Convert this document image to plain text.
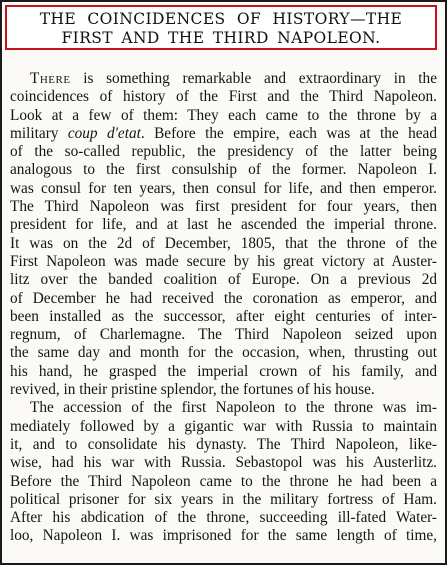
THE COINCIDENCES OF HISTORY—THE
FIRST AND THE THIRD NAPOLEON.
There is something remarkable and extraordinary in the
coincidences of history of the First and the Third Napoleon.
Look at a few of them: They each came to the throne by a
military coup d'etat. Before the empire, each was at the head
of the so-called republic, the presidency of the latter being
analogous to the first consulship of the former. Napoleon I.
was consul for ten years, then consul for life, and then emperor.
The Third Napoleon was first president for four years, then
president for life, and at last he ascended the imperial throne.
It was on the 2d of December, 1805, that the throne of the
First Napoleon was made secure by his great victory at Auster-
litz over the banded coalition of Europe. On a previous 2d
of December he had received the coronation as emperor, and
been installed as the successor, after eight centuries of inter-
regnum, of Charlemagne. The Third Napoleon seized upon
the same day and month for the occasion, when, thrusting out
his hand, he grasped the imperial crown of his family, and
revived, in their pristine splendor, the fortunes of his house.
The accession of the first Napoleon to the throne was im-
mediately followed by a gigantic war with Russia to maintain
it, and to consolidate his dynasty. The Third Napoleon, like-
wise, had his war with Russia. Sebastopol was his Austerlitz.
Before the Third Napoleon came to the throne he had been a
political prisoner for six years in the military fortress of Ham.
After his abdication of the throne, succeeding ill-fated Water-
loo, Napoleon I. was imprisoned for the same length of time,
